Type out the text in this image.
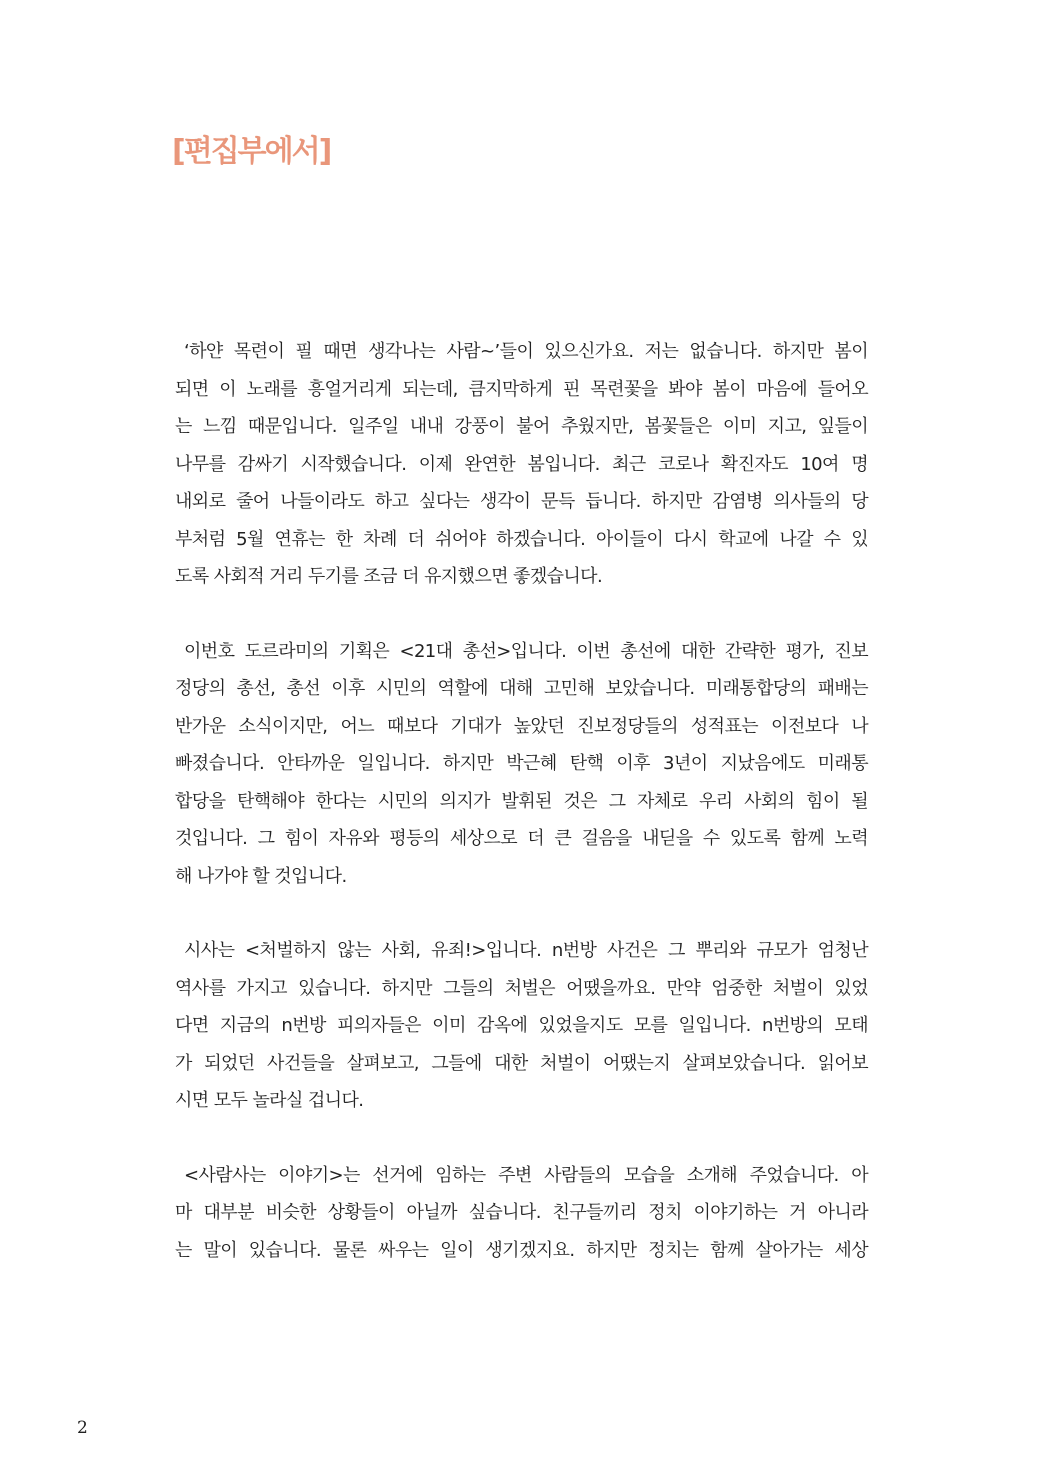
[편집부에서]
‘하얀 목련이 필 때면 생각나는 사람~’들이 있으신가요. 저는 없습니다. 하지만 봄이
되면 이 노래를 흥얼거리게 되는데, 큼지막하게 핀 목련꽃을 봐야 봄이 마음에 들어오
는 느낌 때문입니다. 일주일 내내 강풍이 불어 추웠지만, 봄꽃들은 이미 지고, 잎들이
나무를 감싸기 시작했습니다. 이제 완연한 봄입니다. 최근 코로나 확진자도 10여 명
내외로 줄어 나들이라도 하고 싶다는 생각이 문득 듭니다. 하지만 감염병 의사들의 당
부처럼 5월 연휴는 한 차례 더 쉬어야 하겠습니다. 아이들이 다시 학교에 나갈 수 있
도록 사회적 거리 두기를 조금 더 유지했으면 좋겠습니다.
이번호 도르라미의 기획은 <21대 총선>입니다. 이번 총선에 대한 간략한 평가, 진보
정당의 총선, 총선 이후 시민의 역할에 대해 고민해 보았습니다. 미래통합당의 패배는
반가운 소식이지만, 어느 때보다 기대가 높았던 진보정당들의 성적표는 이전보다 나
빠졌습니다. 안타까운 일입니다. 하지만 박근혜 탄핵 이후 3년이 지났음에도 미래통
합당을 탄핵해야 한다는 시민의 의지가 발휘된 것은 그 자체로 우리 사회의 힘이 될
것입니다. 그 힘이 자유와 평등의 세상으로 더 큰 걸음을 내딛을 수 있도록 함께 노력
해 나가야 할 것입니다.
시사는 <처벌하지 않는 사회, 유죄!>입니다. n번방 사건은 그 뿌리와 규모가 엄청난
역사를 가지고 있습니다. 하지만 그들의 처벌은 어땠을까요. 만약 엄중한 처벌이 있었
다면 지금의 n번방 피의자들은 이미 감옥에 있었을지도 모를 일입니다. n번방의 모태
가 되었던 사건들을 살펴보고, 그들에 대한 처벌이 어땠는지 살펴보았습니다. 읽어보
시면 모두 놀라실 겁니다.
<사람사는 이야기>는 선거에 임하는 주변 사람들의 모습을 소개해 주었습니다. 아
마 대부분 비슷한 상황들이 아닐까 싶습니다. 친구들끼리 정치 이야기하는 거 아니라
는 말이 있습니다. 물론 싸우는 일이 생기겠지요. 하지만 정치는 함께 살아가는 세상
2
